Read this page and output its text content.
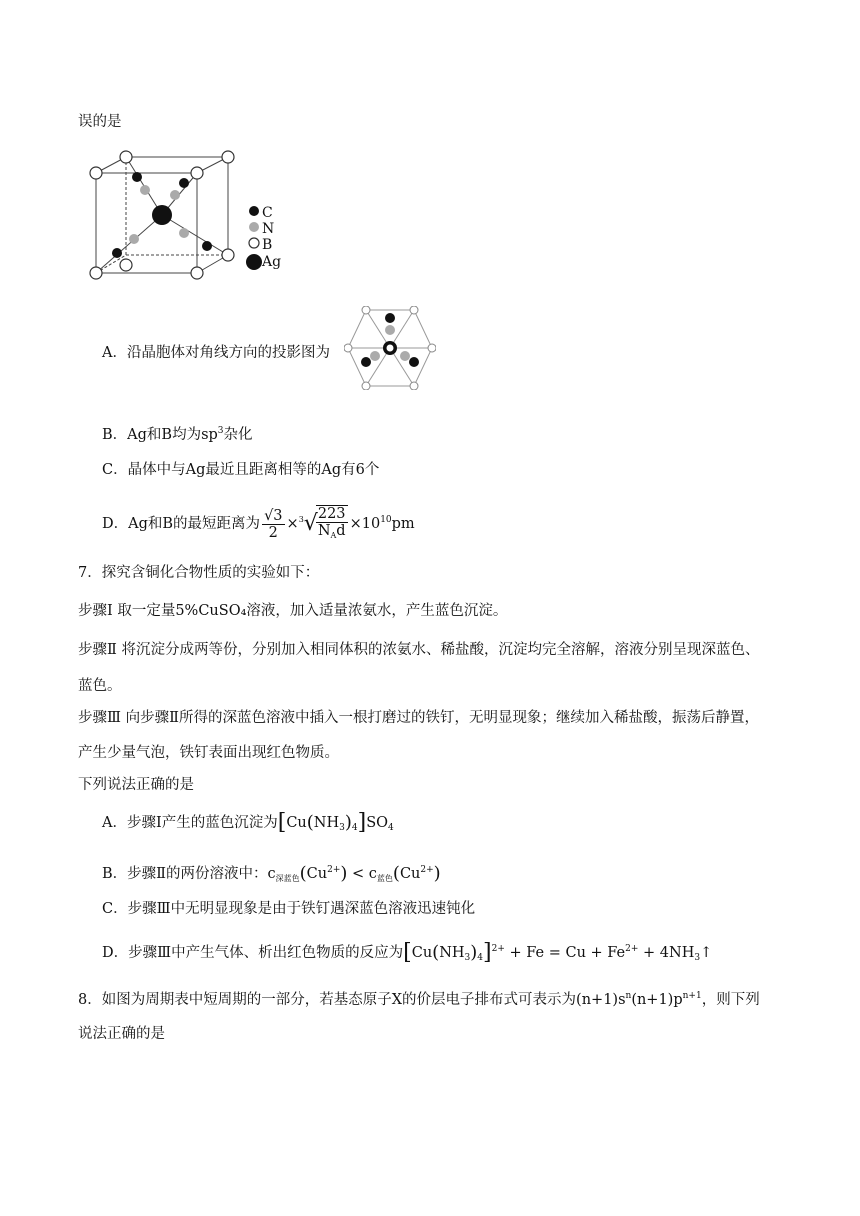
误的是
C
N
B
Ag
A．沿晶胞体对角线方向的投影图为
B．Ag和B均为$sp^3$杂化
C．晶体中与Ag最近且距离相等的Ag有6个
D．Ag和B的最短距离为 $\frac{√3}{2} \times^3√$
$\frac{223}{N_Ad} \times 10^{10}pm$
7．探究含铜化合物性质的实验如下：
步骤Ⅰ 取一定量5%CuSO₄溶液，加入适量浓氨水，产生蓝色沉淀。
步骤Ⅱ 将沉淀分成两等份，分别加入相同体积的浓氨水、稀盐酸，沉淀均完全溶解，溶液分别呈现深蓝色、
蓝色。
步骤Ⅲ 向步骤Ⅱ所得的深蓝色溶液中插入一根打磨过的铁钉，无明显现象；继续加入稀盐酸，振荡后静置，
产生少量气泡，铁钉表面出现红色物质。
下列说法正确的是
A．步骤Ⅰ产生的蓝色沉淀为$[Cu(NH_3)_4]SO_4$
B．步骤Ⅱ的两份溶液中：$c_{深蓝色}(Cu^{2+}) < c_{蓝色}(Cu^{2+})$
C．步骤Ⅲ中无明显现象是由于铁钉遇深蓝色溶液迅速钝化
D．步骤Ⅲ中产生气体、析出红色物质的反应为$[Cu(NH_3)_4]^{2+} + Fe = Cu + Fe^{2+}$ + $4NH_3↑$
8．如图为周期表中短周期的一部分，若基态原子X的价层电子排布式可表示为$(n+1)s^n(n+1)p^{n+1}$，则下列
说法正确的是
